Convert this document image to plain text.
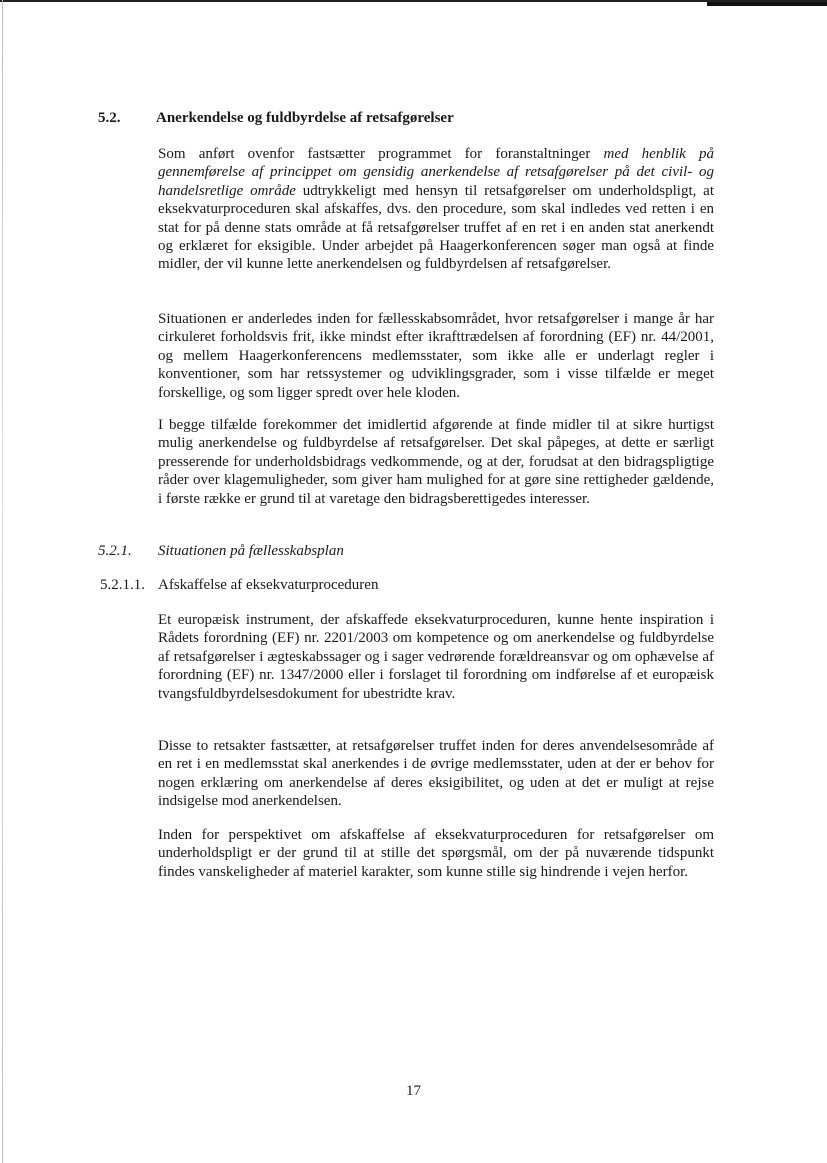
5.2. Anerkendelse og fuldbyrdelse af retsafgørelser
Som anført ovenfor fastsætter programmet for foranstaltninger med henblik på gennemførelse af princippet om gensidig anerkendelse af retsafgørelser på det civil- og handelsretlige område udtrykkeligt med hensyn til retsafgørelser om underholdspligt, at eksekvaturproceduren skal afskaffes, dvs. den procedure, som skal indledes ved retten i en stat for på denne stats område at få retsafgørelser truffet af en ret i en anden stat anerkendt og erklæret for eksigible. Under arbejdet på Haagerkonferencen søger man også at finde midler, der vil kunne lette anerkendelsen og fuldbyrdelsen af retsafgørelser.
Situationen er anderledes inden for fællesskabsområdet, hvor retsafgørelser i mange år har cirkuleret forholdsvis frit, ikke mindst efter ikrafttrædelsen af forordning (EF) nr. 44/2001, og mellem Haagerkonferencens medlemsstater, som ikke alle er underlagt regler i konventioner, som har retssystemer og udviklingsgrader, som i visse tilfælde er meget forskellige, og som ligger spredt over hele kloden.
I begge tilfælde forekommer det imidlertid afgørende at finde midler til at sikre hurtigst mulig anerkendelse og fuldbyrdelse af retsafgørelser. Det skal påpeges, at dette er særligt presserende for underholdsbidrags vedkommende, og at der, forudsat at den bidragspligtige råder over klagemuligheder, som giver ham mulighed for at gøre sine rettigheder gældende, i første række er grund til at varetage den bidragsberettigedes interesser.
5.2.1. Situationen på fællesskabsplan
5.2.1.1. Afskaffelse af eksekvaturproceduren
Et europæisk instrument, der afskaffede eksekvaturproceduren, kunne hente inspiration i Rådets forordning (EF) nr. 2201/2003 om kompetence og om anerkendelse og fuldbyrdelse af retsafgørelser i ægteskabssager og i sager vedrørende forældreansvar og om ophævelse af forordning (EF) nr. 1347/2000 eller i forslaget til forordning om indførelse af et europæisk tvangsfuldbyrdelsesdokument for ubestridte krav.
Disse to retsakter fastsætter, at retsafgørelser truffet inden for deres anvendelsesområde af en ret i en medlemsstat skal anerkendes i de øvrige medlemsstater, uden at der er behov for nogen erklæring om anerkendelse af deres eksigibilitet, og uden at det er muligt at rejse indsigelse mod anerkendelsen.
Inden for perspektivet om afskaffelse af eksekvaturproceduren for retsafgørelser om underholdspligt er der grund til at stille det spørgsmål, om der på nuværende tidspunkt findes vanskeligheder af materiel karakter, som kunne stille sig hindrende i vejen herfor.
17
